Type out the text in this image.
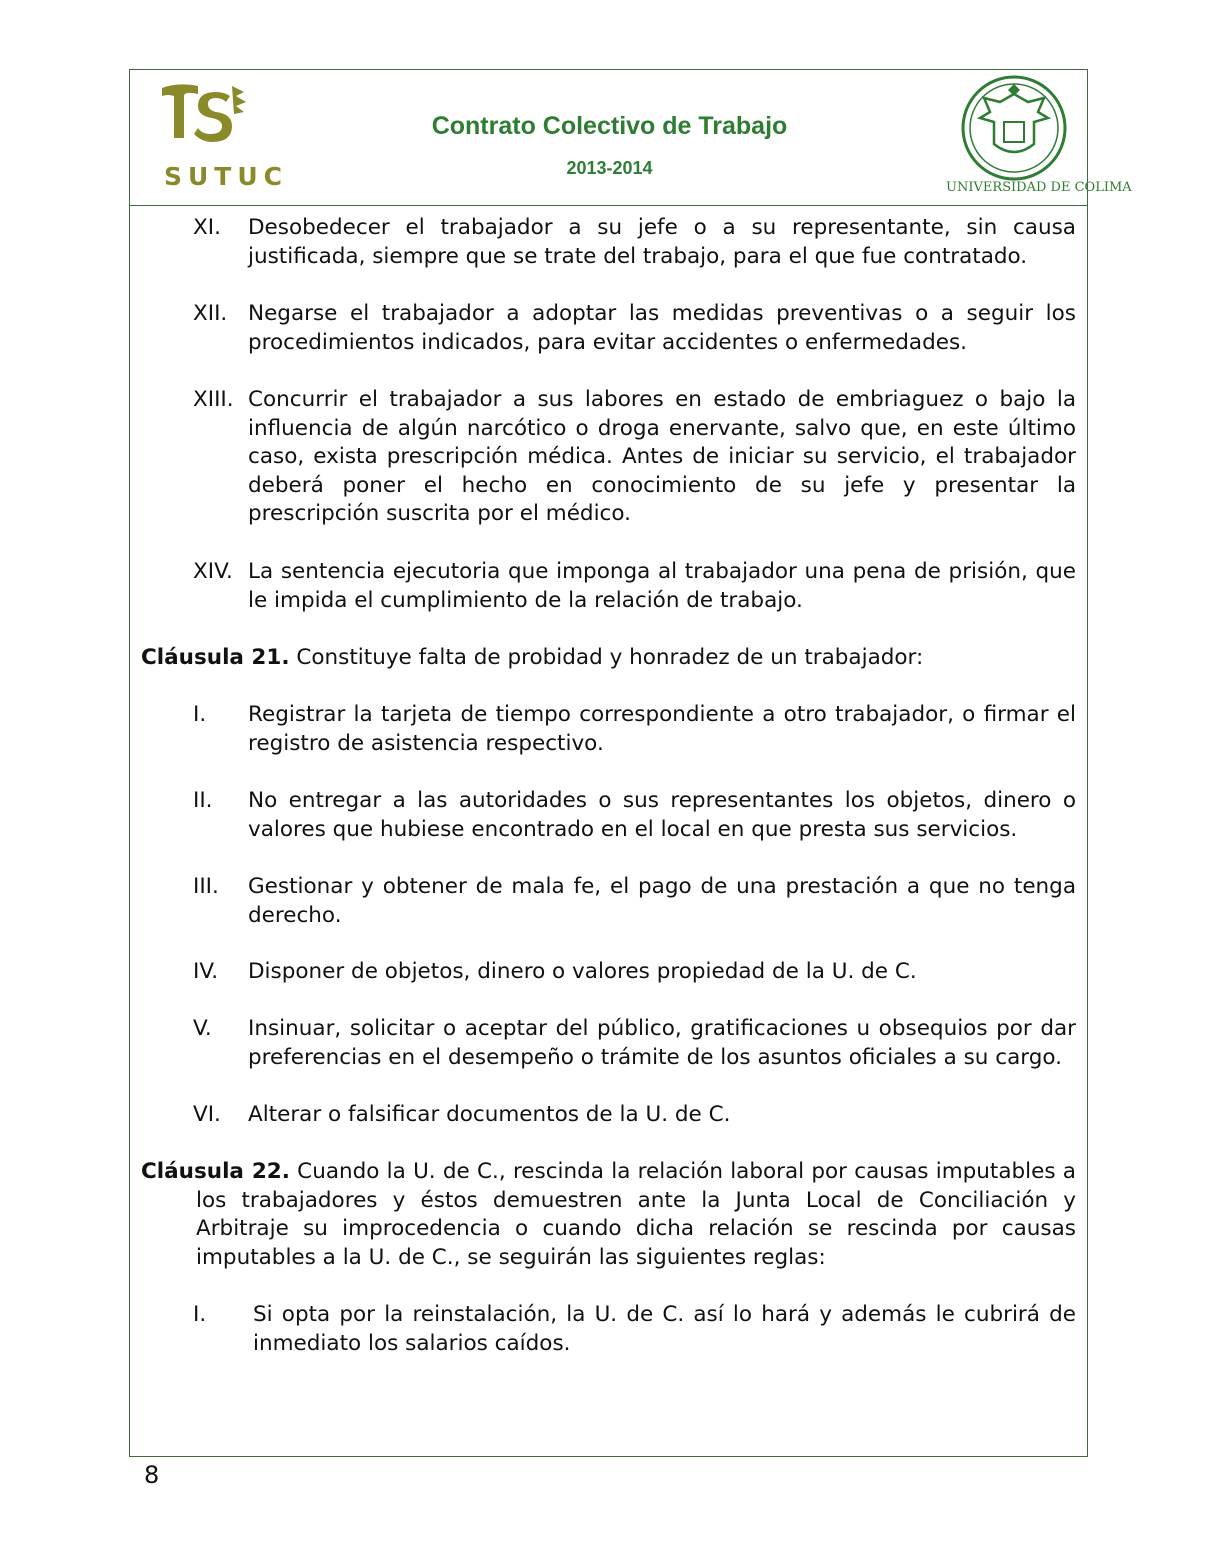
SUTUC
Contrato Colectivo de Trabajo
2013-2014
UNIVERSIDAD DE COLIMA
XI. Desobedecer el trabajador a su jefe o a su representante, sin causa justificada, siempre que se trate del trabajo, para el que fue contratado.
XII. Negarse el trabajador a adoptar las medidas preventivas o a seguir los procedimientos indicados, para evitar accidentes o enfermedades.
XIII. Concurrir el trabajador a sus labores en estado de embriaguez o bajo la influencia de algún narcótico o droga enervante, salvo que, en este último caso, exista prescripción médica. Antes de iniciar su servicio, el trabajador deberá poner el hecho en conocimiento de su jefe y presentar la prescripción suscrita por el médico.
XIV. La sentencia ejecutoria que imponga al trabajador una pena de prisión, que le impida el cumplimiento de la relación de trabajo.
Cláusula 21. Constituye falta de probidad y honradez de un trabajador:
I. Registrar la tarjeta de tiempo correspondiente a otro trabajador, o firmar el registro de asistencia respectivo.
II. No entregar a las autoridades o sus representantes los objetos, dinero o valores que hubiese encontrado en el local en que presta sus servicios.
III. Gestionar y obtener de mala fe, el pago de una prestación a que no tenga derecho.
IV. Disponer de objetos, dinero o valores propiedad de la U. de C.
V. Insinuar, solicitar o aceptar del público, gratificaciones u obsequios por dar preferencias en el desempeño o trámite de los asuntos oficiales a su cargo.
VI. Alterar o falsificar documentos de la U. de C.
Cláusula 22. Cuando la U. de C., rescinda la relación laboral por causas imputables a los trabajadores y éstos demuestren ante la Junta Local de Conciliación y Arbitraje su improcedencia o cuando dicha relación se rescinda por causas imputables a la U. de C., se seguirán las siguientes reglas:
I. Si opta por la reinstalación, la U. de C. así lo hará y además le cubrirá de inmediato los salarios caídos.
8
